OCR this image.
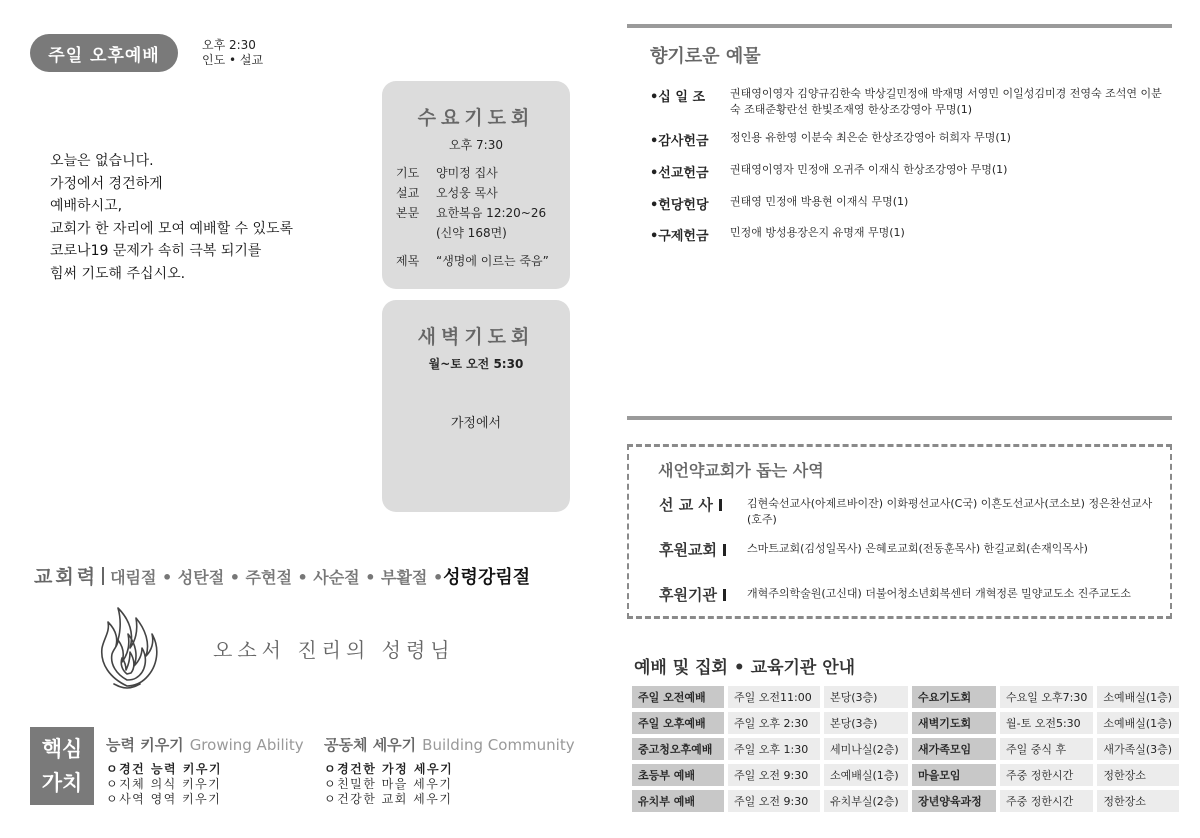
주일 오후예배
오후 2:30
인도 • 설교
오늘은 없습니다.
가정에서 경건하게
예배하시고,
교회가 한 자리에 모여 예배할 수 있도록
코로나19 문제가 속히 극복 되기를
힘써 기도해 주십시오.
수요기도회
오후 7:30
기도	양미정 집사
설교	오성웅 목사
본문	요한복음 12:20~26
(신약 168면)
제목	“생명에 이르는 죽음”
새벽기도회
월~토 오전 5:30
가정에서
교회력 대림절 • 성탄절 • 주현절 • 사순절 • 부활절 •성령강림절
오소서 진리의 성령님
핵심
가치
능력 키우기 Growing Ability
ㅇ경건 능력 키우기
ㅇ지체 의식 키우기
ㅇ사역 영역 키우기
공동체 세우기 Building Community
ㅇ경건한 가정 세우기
ㅇ친밀한 마을 세우기
ㅇ건강한 교회 세우기
향기로운 예물
•십 일 조	권태영이영자 김양규김한숙 박상길민정애 박재명 서영민 이일성김미경 전영숙 조석연 이분숙 조태준황란선 한빛조재영 한상조강영아 무명(1)
•감사헌금	정인용 유한영 이분숙 최은순 한상조강영아 허희자 무명(1)
•선교헌금	권태영이영자 민정애 오귀주 이재식 한상조강영아 무명(1)
•헌당헌당	권태영 민정애 박용현 이재식 무명(1)
•구제헌금	민정애 방성용장은지 유명재 무명(1)
새언약교회가 돕는 사역
선 교 사	김현숙선교사(아제르바이잔) 이화평선교사(C국) 이흔도선교사(코소보) 정은찬선교사(호주)
후원교회	스마트교회(김성일목사) 은혜로교회(전동훈목사) 한길교회(손재익목사)
후원기관	개혁주의학술원(고신대) 더불어청소년회복센터 개혁정론 밀양교도소 진주교도소
예배 및 집회 • 교육기관 안내
주일 오전예배	주일 오전11:00	본당(3층)	수요기도회	수요일 오후7:30	소예배실(1층)
주일 오후예배	주일 오후 2:30	본당(3층)	새벽기도회	월-토 오전5:30	소예배실(1층)
중고청오후예배	주일 오후 1:30	세미나실(2층)	새가족모임	주일 중식 후	새가족실(3층)
초등부 예배	주일 오전 9:30	소예배실(1층)	마을모임	주중 정한시간	정한장소
유치부 예배	주일 오전 9:30	유치부실(2층)	장년양육과정	주중 정한시간	정한장소
